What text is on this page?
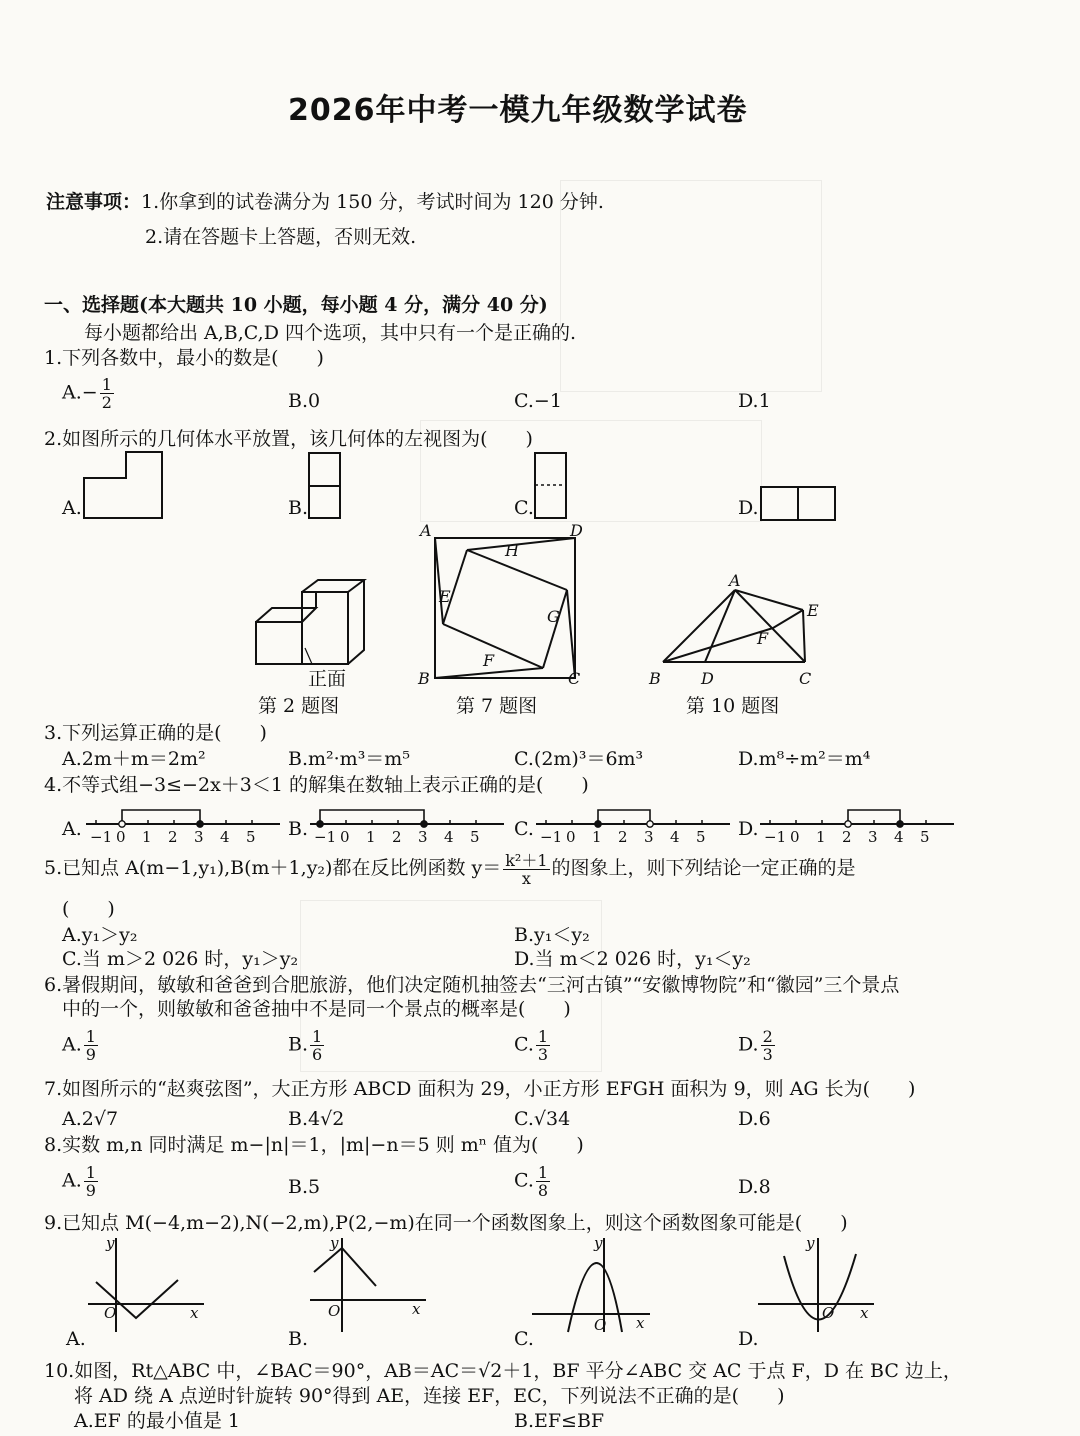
2026年中考一模九年级数学试卷
注意事项：1.你拿到的试卷满分为 150 分，考试时间为 120 分钟.
2.请在答题卡上答题，否则无效.
一、选择题(本大题共 10 小题，每小题 4 分，满分 40 分)
每小题都给出 A,B,C,D 四个选项，其中只有一个是正确的.
1.下列各数中，最小的数是(　　)
$A.- \frac{1}{2}$	B.0	C.−1	D.1
2.如图所示的几何体水平放置，该几何体的左视图为(　　)
A.	B.	C.	D.
正面
第 2 题图
A	D
B	C
H
E
G
F
第 7 题图
A
E
F
B	D	C
第 10 题图
3.下列运算正确的是(　　)
A.2m＋m＝2m²	B.m²·m³＝m⁵	C.(2m)³＝6m³	D.m⁸÷m²＝m⁴
4.不等式组−3≤−2x＋3＜1 的解集在数轴上表示正确的是(　　)
A.	B.	C.	D.
−1 0 1 2 3 4 5	−1 0 1 2 3 4 5	−1 0 1 2 3 4 5	−1 0 1 2 3 4 5
5.已知点 A(m−1,y₁),B(m＋1,y₂)都在反比例函数 $y= \frac{\text{k²＋1}}{x}$ 的图象上，则下列结论一定正确的是
(　　)
A.y₁＞y₂	B.y₁＜y₂
C.当 m＞2 026 时，y₁＞y₂	D.当 m＜2 026 时，y₁＜y₂
6.暑假期间，敏敏和爸爸到合肥旅游，他们决定随机抽签去“三河古镇”“安徽博物院”和“徽园”三个景点
中的一个，则敏敏和爸爸抽中不是同一个景点的概率是(　　)
A. $\frac{1}{9}$	B. $\frac{1}{6}$	C. $\frac{1}{3}$	D. $\frac{2}{3}$
7.如图所示的“赵爽弦图”，大正方形 ABCD 面积为 29，小正方形 EFGH 面积为 9，则 AG 长为(　　)
A.2√7	B.4√2	C.√34	D.6
8.实数 m,n 同时满足 m−|n|＝1，|m|−n＝5 则 mⁿ 值为(　　)
A. $\frac{1}{9}$	B.5	C. $\frac{1}{8}$	D.8
9.已知点 M(−4,m−2),N(−2,m),P(2,−m)在同一个函数图象上，则这个函数图象可能是(　　)
y
x
O
A.
y
x
O
B.
y
x
O
C.
y
x
O
D.
10.如图，Rt△ABC 中，∠BAC＝90°，AB＝AC＝√2＋1，BF 平分∠ABC 交 AC 于点 F，D 在 BC 边上，
将 AD 绕 A 点逆时针旋转 90°得到 AE，连接 EF，EC，下列说法不正确的是(　　)
A.EF 的最小值是 1	B.EF≤BF
